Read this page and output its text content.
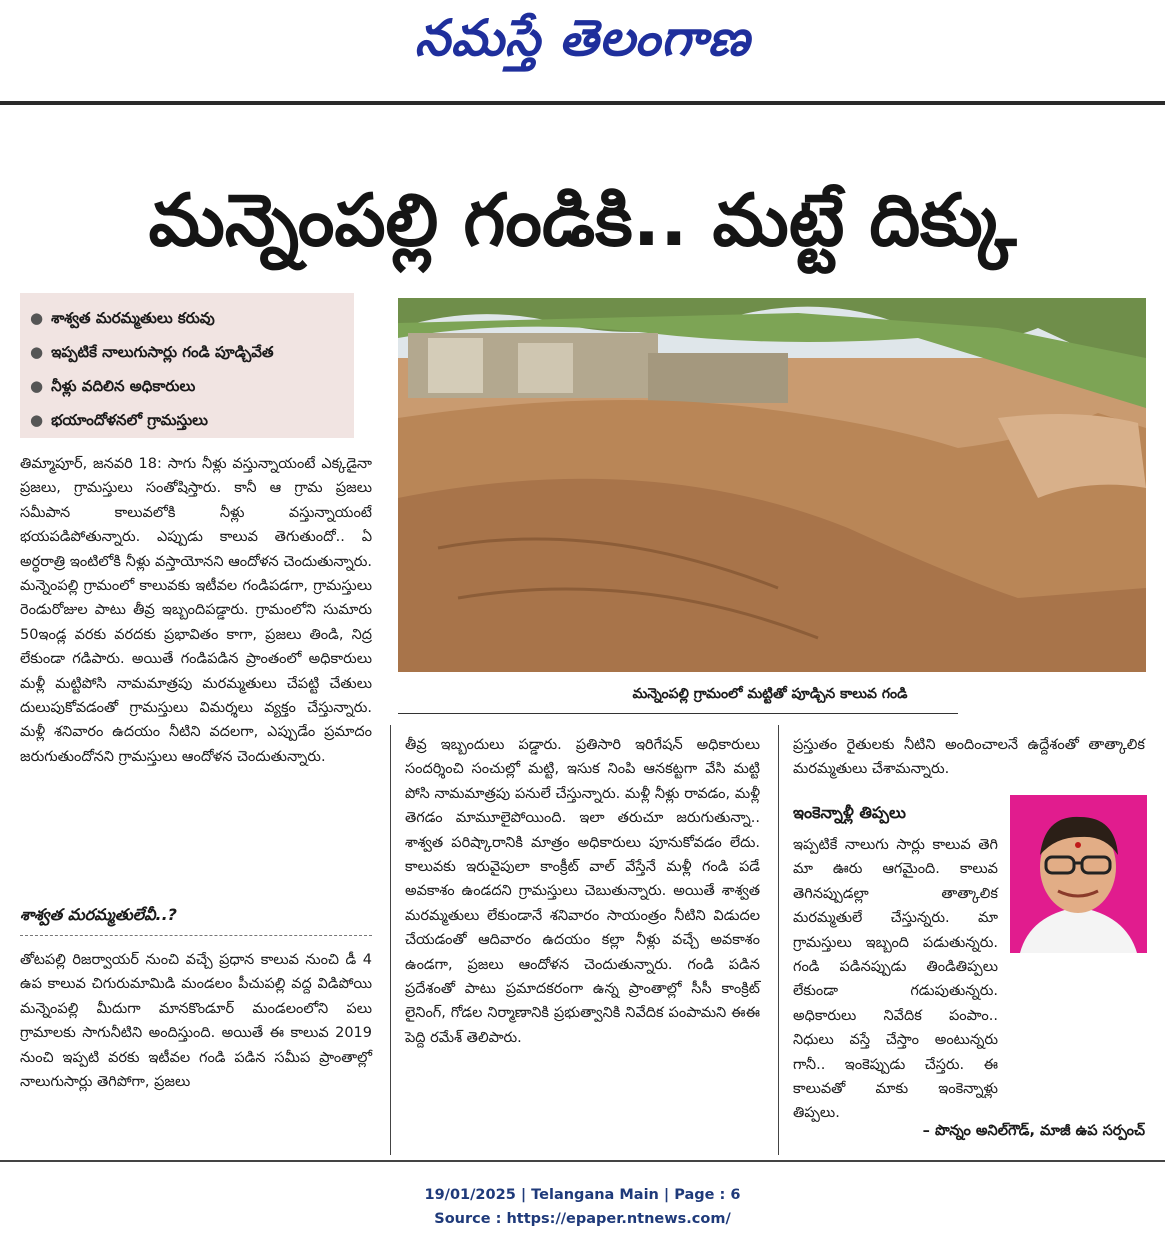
నమస్తే తెలంగాణ
మన్నెంపల్లి గండికి.. మట్టే దిక్కు
● శాశ్వత మరమ్మతులు కరువు
● ఇప్పటికే నాలుగుసార్లు గండి పూడ్చివేత
● నీళ్లు వదిలిన అధికారులు
● భయాందోళనలో గ్రామస్తులు
మన్నెంపల్లి గ్రామంలో మట్టితో పూడ్చిన కాలువ గండి

తిమ్మాపూర్, జనవరి 18: సాగు నీళ్లు వస్తున్నాయంటే ఎక్కడైనా ప్రజలు, గ్రామస్తులు సంతోషిస్తారు. కానీ ఆ గ్రామ ప్రజలు సమీపాన కాలువలోకి నీళ్లు వస్తున్నాయంటే భయపడిపోతున్నారు. ఎప్పుడు కాలువ తెగుతుందో.. ఏ అర్ధరాత్రి ఇంటిలోకి నీళ్లు వస్తాయోనని ఆందోళన చెందుతున్నారు. మన్నెంపల్లి గ్రామంలో కాలువకు ఇటీవల గండిపడగా, గ్రామస్తులు రెండురోజుల పాటు తీవ్ర ఇబ్బందిపడ్డారు. గ్రామంలోని సుమారు 50ఇండ్ల వరకు వరదకు ప్రభావితం కాగా, ప్రజలు తిండి, నిద్ర లేకుండా గడిపారు. అయితే గండిపడిన ప్రాంతంలో అధికారులు మళ్లీ మట్టిపోసి నామమాత్రపు మరమ్మతులు చేపట్టి చేతులు దులుపుకోవడంతో గ్రామస్తులు విమర్శలు వ్యక్తం చేస్తున్నారు. మళ్లీ శనివారం ఉదయం నీటిని వదలగా, ఎప్పుడేం ప్రమాదం జరుగుతుందోనని గ్రామస్తులు ఆందోళన చెందుతున్నారు.

శాశ్వత మరమ్మతులేవీ..?

తోటపల్లి రిజర్వాయర్ నుంచి వచ్చే ప్రధాన కాలువ నుంచి డీ 4 ఉప కాలువ చిగురుమామిడి మండలం పీచుపల్లి వద్ద విడిపోయి మన్నెంపల్లి మీదుగా మానకొండూర్ మండలంలోని పలు గ్రామాలకు సాగునీటిని అందిస్తుంది. అయితే ఈ కాలువ 2019 నుంచి ఇప్పటి వరకు ఇటీవల గండి పడిన సమీప ప్రాంతాల్లో నాలుగుసార్లు తెగిపోగా, ప్రజలు

తీవ్ర ఇబ్బందులు పడ్డారు. ప్రతిసారి ఇరిగేషన్ అధికారులు సందర్శించి సంచుల్లో మట్టి, ఇసుక నింపి ఆనకట్టగా వేసి మట్టి పోసి నామమాత్రపు పనులే చేస్తున్నారు. మళ్లీ నీళ్లు రావడం, మళ్లీ తెగడం మామూలైపోయింది. ఇలా తరుచూ జరుగుతున్నా.. శాశ్వత పరిష్కారానికి మాత్రం అధికారులు పూనుకోవడం లేదు. కాలువకు ఇరువైపులా కాంక్రీట్ వాల్ వేస్తేనే మళ్లీ గండి పడే అవకాశం ఉండదని గ్రామస్తులు చెబుతున్నారు. అయితే శాశ్వత మరమ్మతులు లేకుండానే శనివారం సాయంత్రం నీటిని విడుదల చేయడంతో ఆదివారం ఉదయం కల్లా నీళ్లు వచ్చే అవకాశం ఉండగా, ప్రజలు ఆందోళన చెందుతున్నారు. గండి పడిన ప్రదేశంతో పాటు ప్రమాదకరంగా ఉన్న ప్రాంతాల్లో సీసీ కాంక్రిట్ లైనింగ్, గోడల నిర్మాణానికి ప్రభుత్వానికి నివేదిక పంపామని ఈఈ పెద్ది రమేశ్ తెలిపారు.

ప్రస్తుతం రైతులకు నీటిని అందించాలనే ఉద్దేశంతో తాత్కాలిక మరమ్మతులు చేశామన్నారు.

ఇంకెన్నాళ్లీ తిప్పలు

ఇప్పటికే నాలుగు సార్లు కాలువ తెగి మా ఊరు ఆగమైంది. కాలువ తెగినప్పుడల్లా తాత్కాలిక మరమ్మతులే చేస్తున్నరు. మా గ్రామస్తులు ఇబ్బంది పడుతున్నరు. గండి పడినప్పుడు తిండితిప్పలు లేకుండా గడుపుతున్నరు. అధికారులు నివేదిక పంపాం.. నిధులు వస్తే చేస్తాం అంటున్నరు గానీ.. ఇంకెప్పుడు చేస్తరు. ఈ కాలువతో మాకు ఇంకెన్నాళ్లు తిప్పలు.

– పొన్నం అనిల్‌గౌడ్, మాజీ ఉప సర్పంచ్
19/01/2025 | Telangana Main | Page : 6
Source : https://epaper.ntnews.com/
